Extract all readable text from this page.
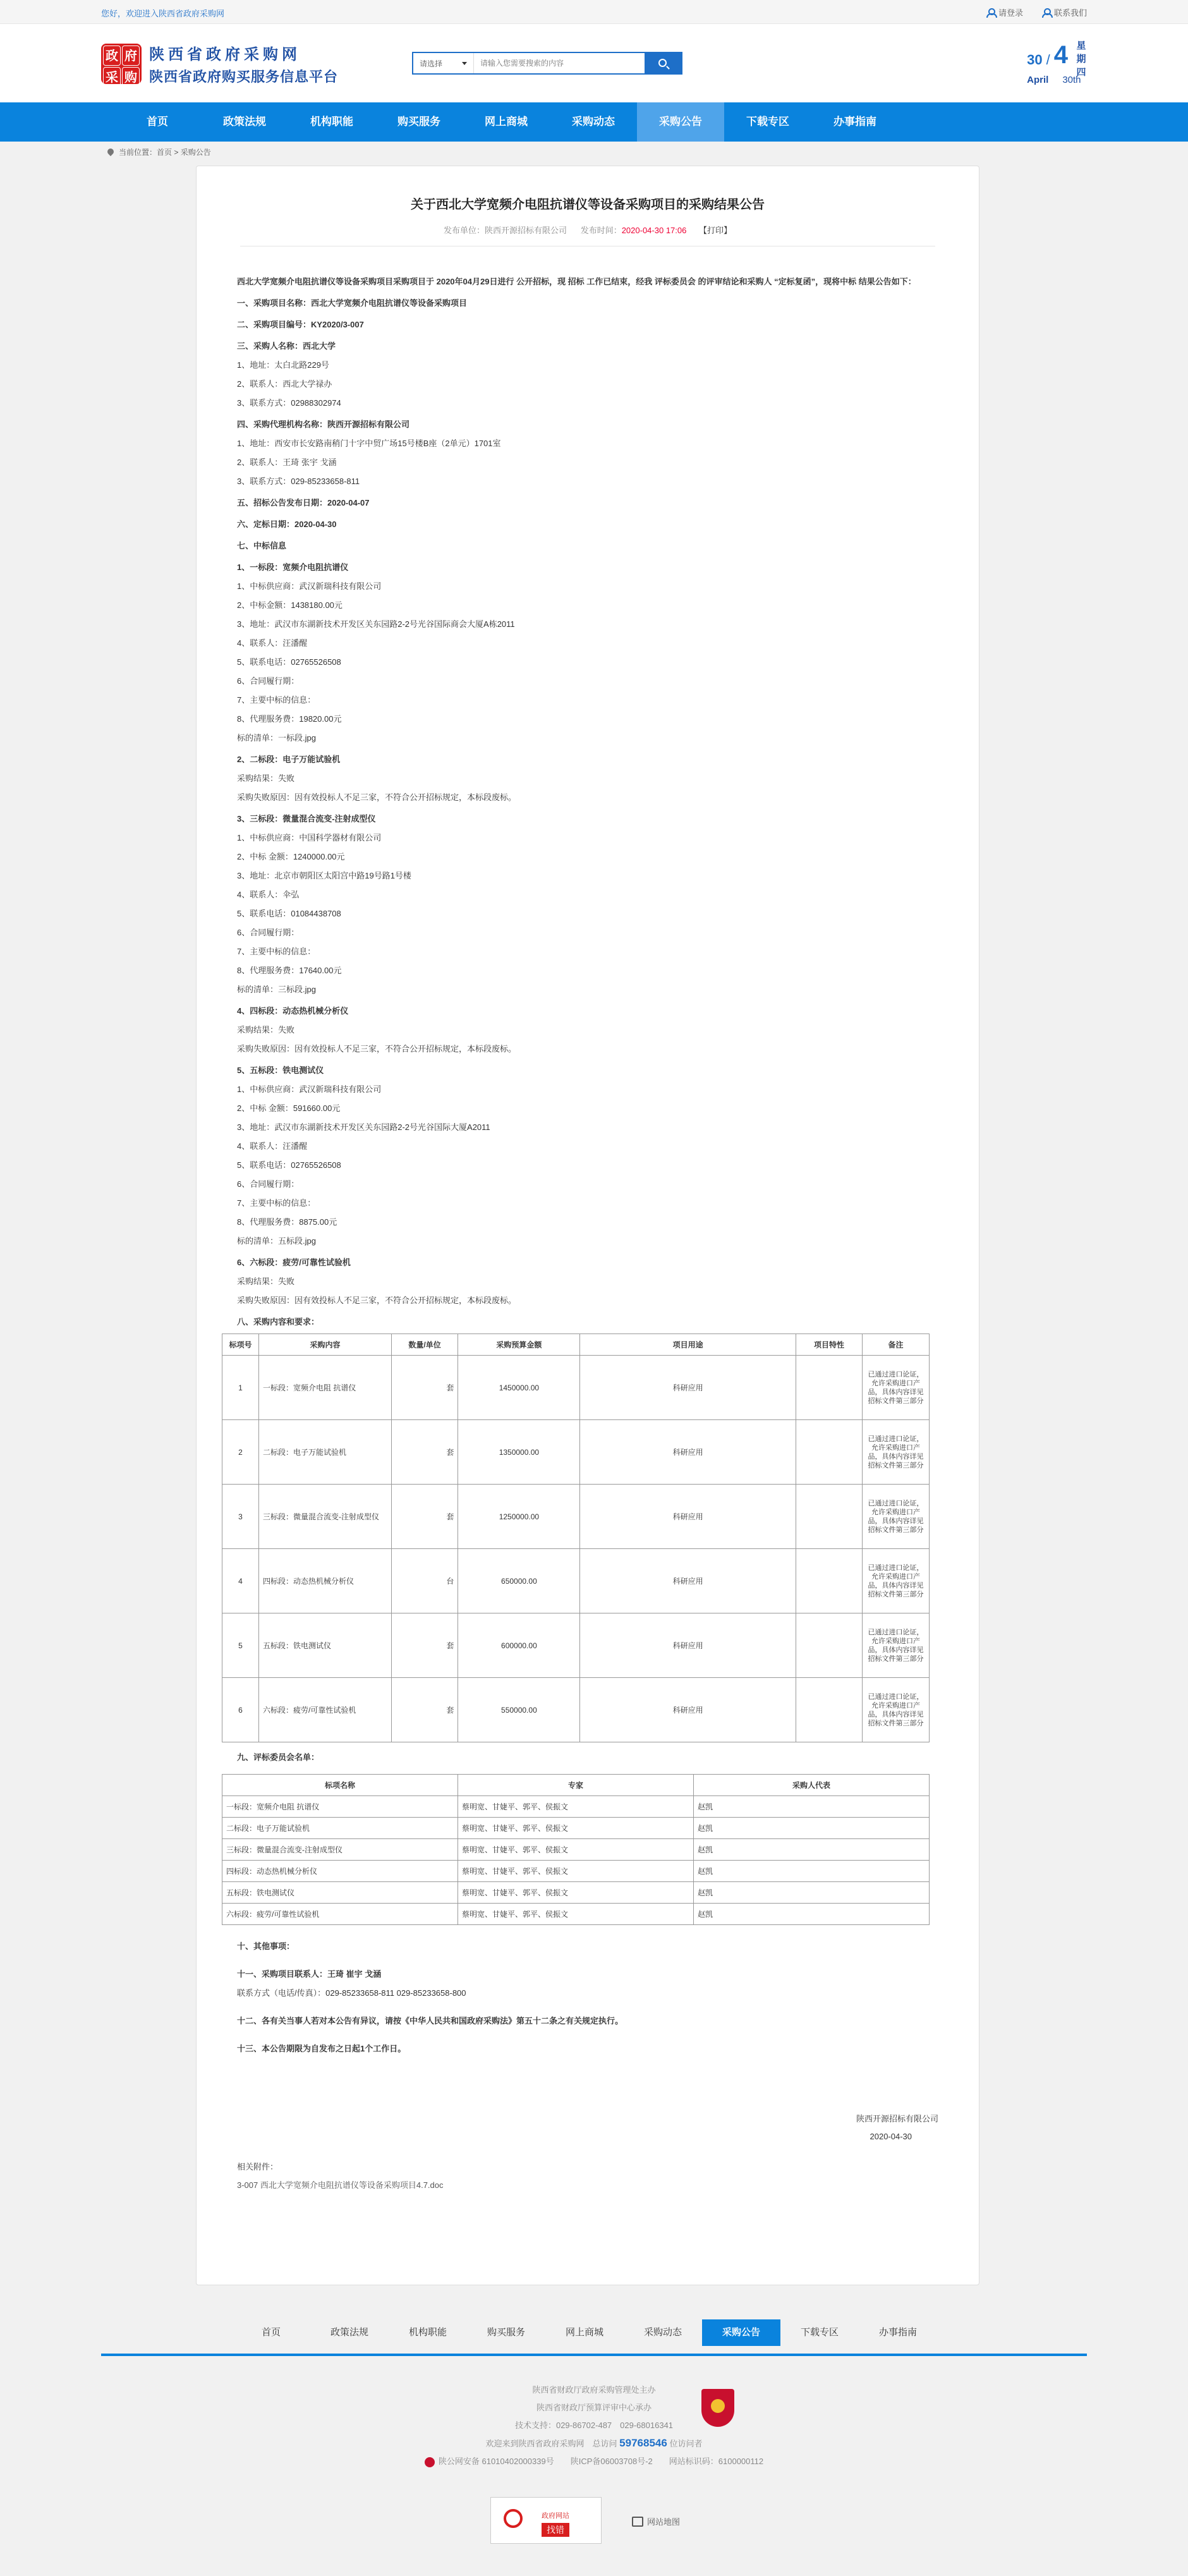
您好，欢迎进入陕西省政府采购网	请登录	联系我们
政 府
采 购
陕西省政府采购网
陕西省政府购买服务信息平台
请选择
请输入您需要搜索的内容	30 / 4 星期四
April 30th
首页	政策法规	机构职能	购买服务	网上商城	采购动态	采购公告	下载专区	办事指南
当前位置：首页 > 采购公告
关于西北大学宽频介电阻抗谱仪等设备采购项目的采购结果公告
发布单位：陕西开源招标有限公司 发布时间：2020-04-30 17:06 【打印】

西北大学宽频介电阻抗谱仪等设备采购项目采购项目于 2020年04月29日进行 公开招标，现 招标 工作已结束，经我 评标委员会 的评审结论和采购人 “定标复函”，现将中标 结果公告如下：

一、采购项目名称：西北大学宽频介电阻抗谱仪等设备采购项目

二、采购项目编号：KY2020/3-007

三、采购人名称：西北大学

1、地址：太白北路229号

2、联系人：西北大学禄办

3、联系方式：02988302974

四、采购代理机构名称：陕西开源招标有限公司

1、地址：西安市长安路南稍门十字中贸广场15号楼B座（2单元）1701室

2、联系人：王琦 张宇 戈涵

3、联系方式：029-85233658-811

五、招标公告发布日期：2020-04-07

六、定标日期：2020-04-30

七、中标信息

1、一标段：宽频介电阻抗谱仪

1、中标供应商：武汉新瑞科技有限公司

2、中标金额：1438180.00元

3、地址：武汉市东湖新技术开发区关东园路2-2号光谷国际商会大厦A栋2011

4、联系人：汪潘醒

5、联系电话：02765526508

6、合同履行期：

7、主要中标的信息：

8、代理服务费：19820.00元

标的清单：一标段.jpg

2、二标段：电子万能试验机

采购结果：失败

采购失败原因：因有效投标人不足三家，不符合公开招标规定，本标段废标。

3、三标段：微量混合流变-注射成型仪

1、中标供应商：中国科学器材有限公司

2、中标 金额：1240000.00元

3、地址：北京市朝阳区太阳宫中路19号路1号楼

4、联系人：伞弘

5、联系电话：01084438708

6、合同履行期：

7、主要中标的信息：

8、代理服务费：17640.00元

标的清单：三标段.jpg

4、四标段：动态热机械分析仪

采购结果：失败

采购失败原因：因有效投标人不足三家，不符合公开招标规定，本标段废标。

5、五标段：铁电测试仪

1、中标供应商：武汉新瑞科技有限公司

2、中标 金额：591660.00元

3、地址：武汉市东湖新技术开发区关东园路2-2号光谷国际大厦A2011

4、联系人：汪潘醒

5、联系电话：02765526508

6、合同履行期：

7、主要中标的信息：

8、代理服务费：8875.00元

标的清单：五标段.jpg

6、六标段：疲劳/可靠性试验机

采购结果：失败

采购失败原因：因有效投标人不足三家，不符合公开招标规定，本标段废标。

八、采购内容和要求：

标项号	采购内容	数量/单位	采购预算金额	项目用途	项目特性	备注
1	一标段：宽频介电阻 抗谱仪	套	1450000.00	科研应用		已通过进口论证，允许采购进口产品，具体内容详见招标文件第三部分
2	二标段：电子万能试验机	套	1350000.00	科研应用		已通过进口论证，允许采购进口产品，具体内容详见招标文件第三部分
3	三标段：微量混合流变-注射成型仪	套	1250000.00	科研应用		已通过进口论证，允许采购进口产品，具体内容详见招标文件第三部分
4	四标段：动态热机械分析仪	台	650000.00	科研应用		已通过进口论证，允许采购进口产品，具体内容详见招标文件第三部分
5	五标段：铁电测试仪	套	600000.00	科研应用		已通过进口论证，允许采购进口产品，具体内容详见招标文件第三部分
6	六标段：疲劳/可靠性试验机	套	550000.00	科研应用		已通过进口论证，允许采购进口产品，具体内容详见招标文件第三部分

九、评标委员会名单：

标项名称	专家	采购人代表
一标段：宽频介电阻 抗谱仪	蔡明宽、甘婕平、郭平、侯振文	赵凯
二标段：电子万能试验机	蔡明宽、甘婕平、郭平、侯振文	赵凯
三标段：微量混合流变-注射成型仪	蔡明宽、甘婕平、郭平、侯振文	赵凯
四标段：动态热机械分析仪	蔡明宽、甘婕平、郭平、侯振文	赵凯
五标段：铁电测试仪	蔡明宽、甘婕平、郭平、侯振文	赵凯
六标段：疲劳/可靠性试验机	蔡明宽、甘婕平、郭平、侯振文	赵凯

十、其他事项：

十一、采购项目联系人：王琦 崔宇 戈涵

联系方式（电话/传真）：029-85233658-811 029-85233658-800

十二、各有关当事人若对本公告有异议，请按《中华人民共和国政府采购法》第五十二条之有关规定执行。

十三、本公告期限为自发布之日起1个工作日。

陕西开源招标有限公司
2020-04-30
相关附件：
3-007 西北大学宽频介电阻抗谱仪等设备采购项目4.7.doc
首页	政策法规	机构职能	购买服务	网上商城	采购动态	采购公告	下载专区	办事指南
陕西省财政厅政府采购管理处主办
陕西省财政厅预算评审中心承办
技术支持：029-86702-487　029-68016341
欢迎来到陕西省政府采购网　总访问 59768546 位访问者
陕公网安备 61010402000339号　　陕ICP备06003708号-2　　网站标识码：6100000112
政府网站
找错
网站地图
